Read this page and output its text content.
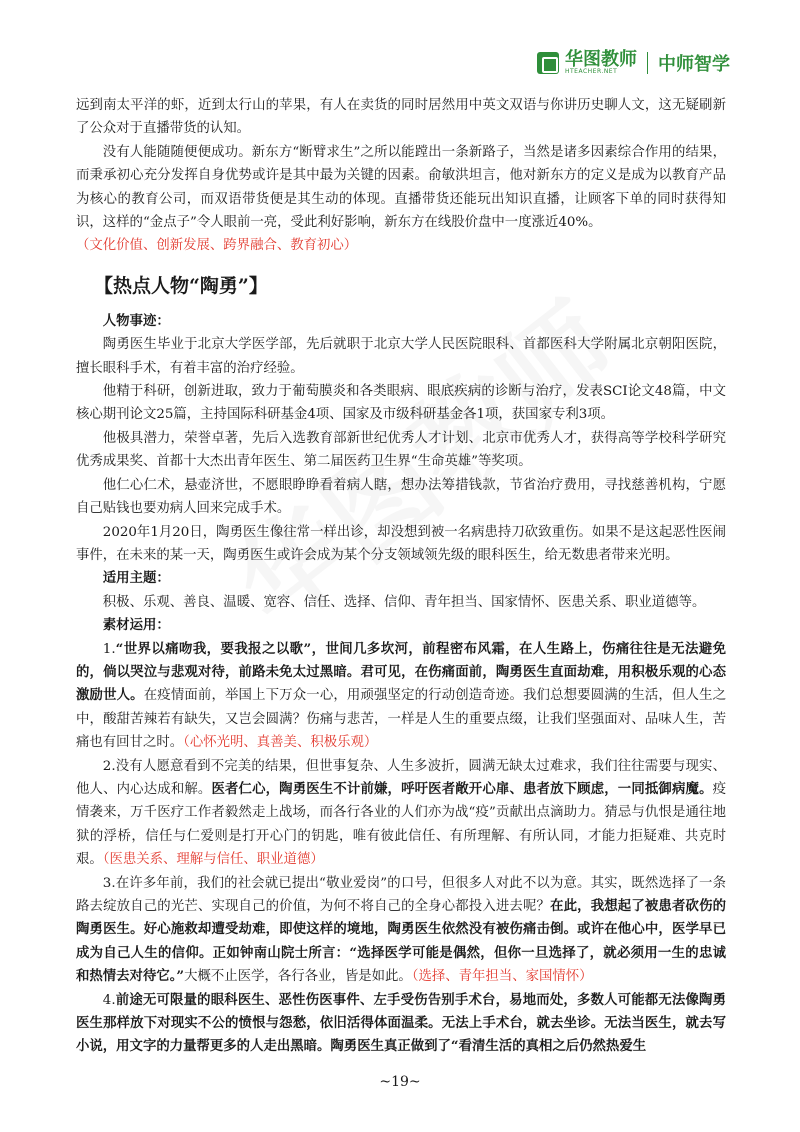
华图教师
HTEACHER.NET	中师智学

远到南太平洋的虾，近到太行山的苹果，有人在卖货的同时居然用中英文双语与你讲历史聊人文，这无疑刷新了公众对于直播带货的认知。

没有人能随随便便成功。新东方“断臂求生”之所以能蹚出一条新路子，当然是诸多因素综合作用的结果，而秉承初心充分发挥自身优势或许是其中最为关键的因素。俞敏洪坦言，他对新东方的定义是成为以教育产品为核心的教育公司，而双语带货便是其生动的体现。直播带货还能玩出知识直播，让顾客下单的同时获得知识，这样的“金点子”令人眼前一亮，受此利好影响，新东方在线股价盘中一度涨近40%。

（文化价值、创新发展、跨界融合、教育初心）

【热点人物“陶勇”】

人物事迹：

陶勇医生毕业于北京大学医学部，先后就职于北京大学人民医院眼科、首都医科大学附属北京朝阳医院，擅长眼科手术，有着丰富的治疗经验。

他精于科研，创新进取，致力于葡萄膜炎和各类眼病、眼底疾病的诊断与治疗，发表SCI论文48篇，中文核心期刊论文25篇，主持国际科研基金4项、国家及市级科研基金各1项，获国家专利3项。

他极具潜力，荣誉卓著，先后入选教育部新世纪优秀人才计划、北京市优秀人才，获得高等学校科学研究优秀成果奖、首都十大杰出青年医生、第二届医药卫生界“生命英雄”等奖项。

他仁心仁术，悬壶济世，不愿眼睁睁看着病人瞎，想办法筹措钱款，节省治疗费用，寻找慈善机构，宁愿自己贴钱也要劝病人回来完成手术。

2020年1月20日，陶勇医生像往常一样出诊，却没想到被一名病患持刀砍致重伤。如果不是这起恶性医闹事件，在未来的某一天，陶勇医生或许会成为某个分支领域领先级的眼科医生，给无数患者带来光明。

适用主题：

积极、乐观、善良、温暖、宽容、信任、选择、信仰、青年担当、国家情怀、医患关系、职业道德等。

素材运用：

1.“世界以痛吻我，要我报之以歌”，世间几多坎河，前程密布风霜，在人生路上，伤痛往往是无法避免的，倘以哭泣与悲观对待，前路未免太过黑暗。君可见，在伤痛面前，陶勇医生直面劫难，用积极乐观的心态激励世人。在疫情面前，举国上下万众一心，用顽强坚定的行动创造奇迹。我们总想要圆满的生活，但人生之中，酸甜苦辣若有缺失，又岂会圆满？伤痛与悲苦，一样是人生的重要点缀，让我们坚强面对、品味人生，苦痛也有回甘之时。（心怀光明、真善美、积极乐观）

2.没有人愿意看到不完美的结果，但世事复杂、人生多波折，圆满无缺太过难求，我们往往需要与现实、他人、内心达成和解。医者仁心，陶勇医生不计前嫌，呼吁医者敞开心扉、患者放下顾虑，一同抵御病魔。疫情袭来，万千医疗工作者毅然走上战场，而各行各业的人们亦为战“疫”贡献出点滴助力。猜忌与仇恨是通往地狱的浮桥，信任与仁爱则是打开心门的钥匙，唯有彼此信任、有所理解、有所认同，才能力拒疑难、共克时艰。（医患关系、理解与信任、职业道德）

3.在许多年前，我们的社会就已提出“敬业爱岗”的口号，但很多人对此不以为意。其实，既然选择了一条路去绽放自己的光芒、实现自己的价值，为何不将自己的全身心都投入进去呢？在此，我想起了被患者砍伤的陶勇医生。好心施救却遭受劫难，即使这样的境地，陶勇医生依然没有被伤痛击倒。或许在他心中，医学早已成为自己人生的信仰。正如钟南山院士所言：“选择医学可能是偶然，但你一旦选择了，就必须用一生的忠诚和热情去对待它。”大概不止医学，各行各业，皆是如此。（选择、青年担当、家国情怀）

4.前途无可限量的眼科医生、恶性伤医事件、左手受伤告别手术台，易地而处，多数人可能都无法像陶勇医生那样放下对现实不公的愤恨与怨愁，依旧活得体面温柔。无法上手术台，就去坐诊。无法当医生，就去写小说，用文字的力量帮更多的人走出黑暗。陶勇医生真正做到了“看清生活的真相之后仍然热爱生

~19~
